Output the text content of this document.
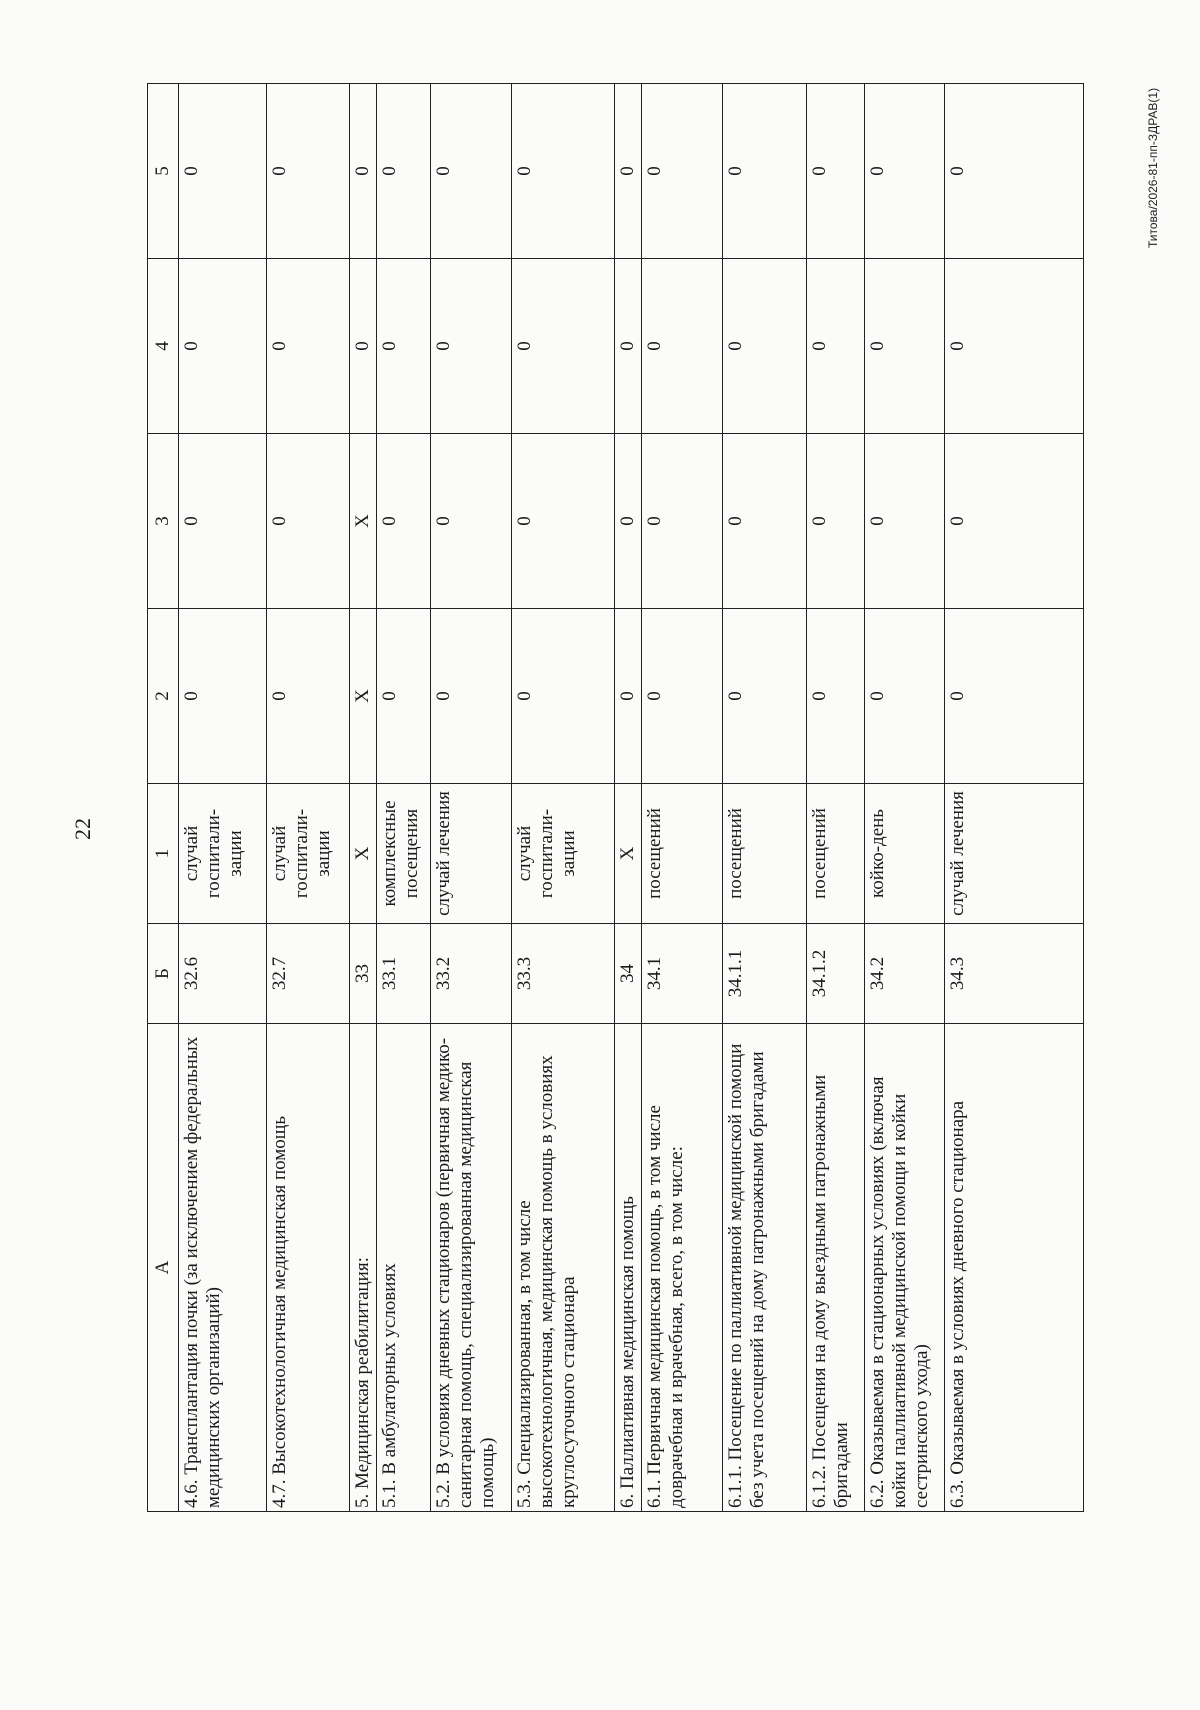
22
Титова/2026-81-пп-ЗДРАВ(1)
А	Б	1	2	3	4	5
4.6. Трансплантация почки (за исключением федеральных медицинских организаций)	32.6	случай госпитали-зации	0	0	0	0
4.7. Высокотехнологичная медицинская помощь	32.7	случай госпитали-зации	0	0	0	0
5. Медицинская реабилитация:	33	Х	Х	Х	0	0
5.1. В амбулаторных условиях	33.1	комплексные посещения	0	0	0	0
5.2. В условиях дневных стационаров (первичная медико-санитарная помощь, специализированная медицинская помощь)	33.2	случай лечения	0	0	0	0
5.3. Специализированная, в том числе высокотехнологичная, медицинская помощь в условиях круглосуточного стационара	33.3	случай госпитали-зации	0	0	0	0
6. Паллиативная медицинская помощь	34	Х	0	0	0	0
6.1. Первичная медицинская помощь, в том числе доврачебная и врачебная, всего, в том числе:	34.1	посещений	0	0	0	0
6.1.1. Посещение по паллиативной медицинской помощи без учета посещений на дому патронажными бригадами	34.1.1	посещений	0	0	0	0
6.1.2. Посещения на дому выездными патронажными бригадами	34.1.2	посещений	0	0	0	0
6.2. Оказываемая в стационарных условиях (включая койки паллиативной медицинской помощи и койки сестринского ухода)	34.2	койко-день	0	0	0	0
6.3. Оказываемая в условиях дневного стационара	34.3	случай лечения	0	0	0	0
